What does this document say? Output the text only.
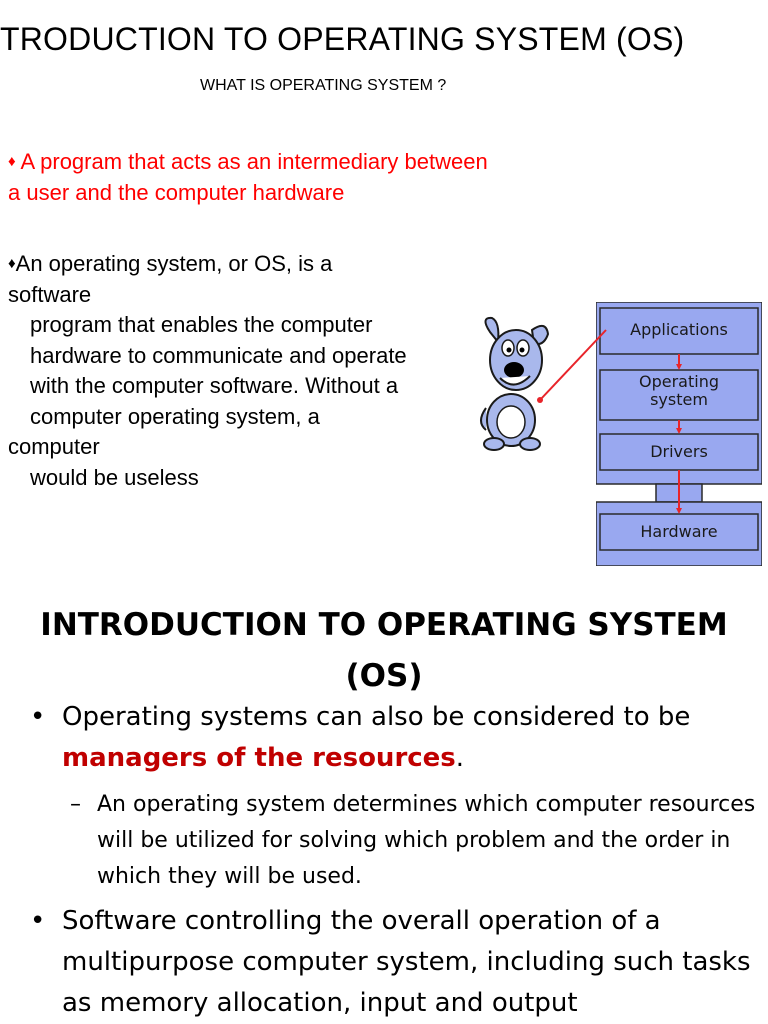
TRODUCTION TO OPERATING SYSTEM (OS)
WHAT IS OPERATING SYSTEM ?
♦ A program that acts as an intermediary between a user and the computer hardware
♦An operating system, or OS, is a
software
program that enables the computer
hardware to communicate and operate
with the computer software. Without a
computer operating system, a
computer
would be useless
Applications
Operating system
Drivers
Hardware
INTRODUCTION TO OPERATING SYSTEM (OS)
• Operating systems can also be considered to be managers of the resources.
– An operating system determines which computer resources will be utilized for solving which problem and the order in which they will be used.
• Software controlling the overall operation of a multipurpose computer system, including such tasks as memory allocation, input and output
